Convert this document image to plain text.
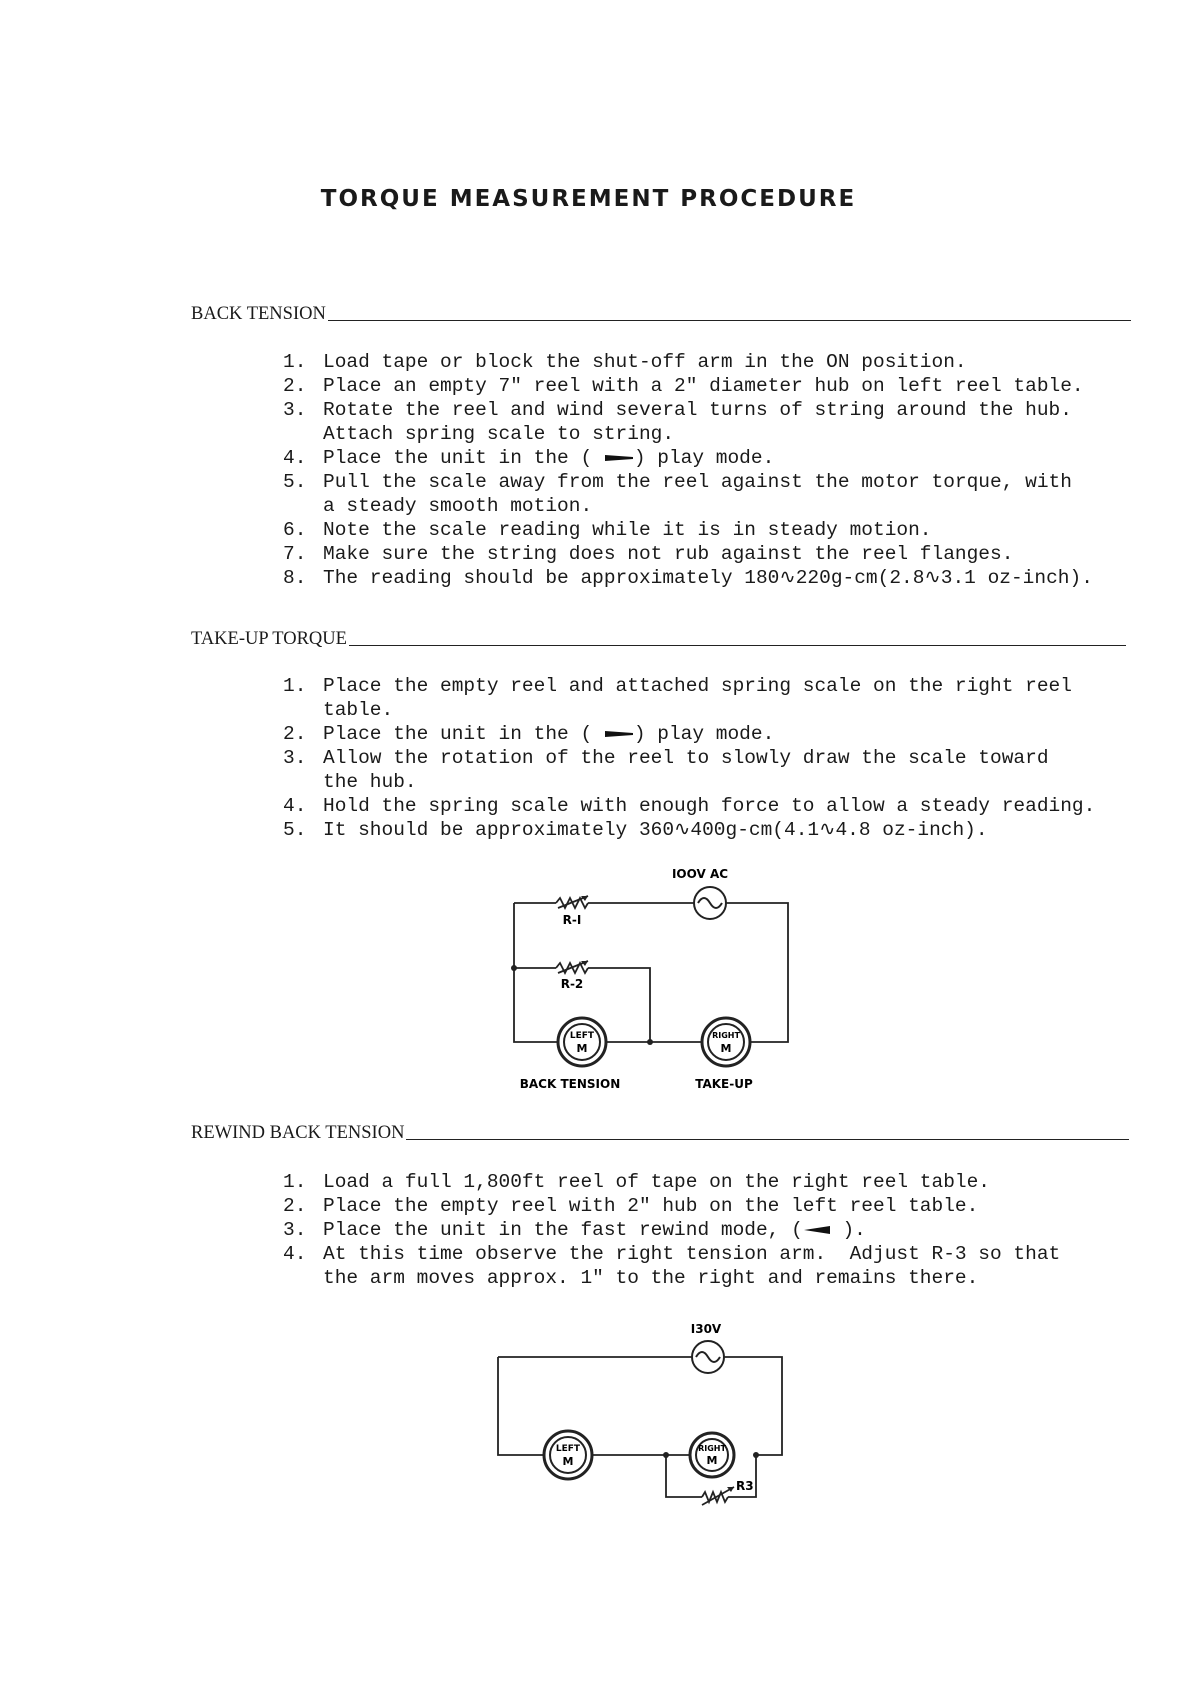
TORQUE MEASUREMENT PROCEDURE
BACK TENSION
1. Load tape or block the shut-off arm in the ON position.
2. Place an empty 7" reel with a 2" diameter hub on left reel table.
3. Rotate the reel and wind several turns of string around the hub.
Attach spring scale to string.
4. Place the unit in the ( ) play mode.
5. Pull the scale away from the reel against the motor torque, with
a steady smooth motion.
6. Note the scale reading while it is in steady motion.
7. Make sure the string does not rub against the reel flanges.
8. The reading should be approximately 180∿220g-cm(2.8∿3.1 oz-inch).
TAKE-UP TORQUE
1. Place the empty reel and attached spring scale on the right reel
table.
2. Place the unit in the ( ) play mode.
3. Allow the rotation of the reel to slowly draw the scale toward
the hub.
4. Hold the spring scale with enough force to allow a steady reading.
5. It should be approximately 360∿400g-cm(4.1∿4.8 oz-inch).
IOOV AC
R-I
R-2
LEFT
M
RIGHT
M
BACK TENSION	TAKE-UP
REWIND BACK TENSION
1. Load a full 1,800ft reel of tape on the right reel table.
2. Place the empty reel with 2" hub on the left reel table.
3. Place the unit in the fast rewind mode, ( ).
4. At this time observe the right tension arm.  Adjust R-3 so that
the arm moves approx. 1" to the right and remains there.
I30V
LEFT
M
RIGHT
M
R3
